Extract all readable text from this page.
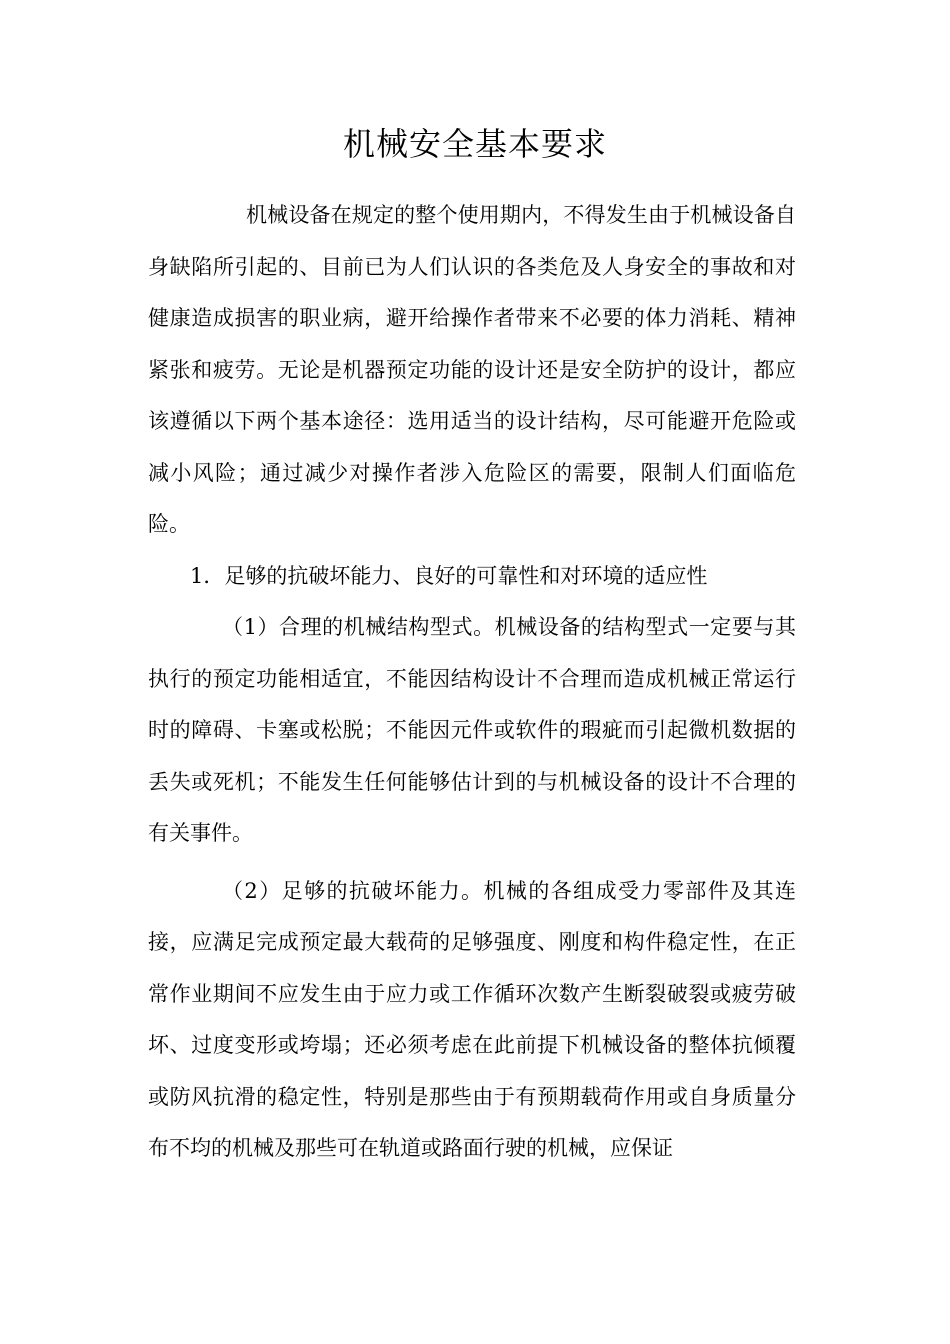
机械安全基本要求

机械设备在规定的整个使用期内，不得发生由于机械设备自身缺陷所引起的、目前已为人们认识的各类危及人身安全的事故和对健康造成损害的职业病，避开给操作者带来不必要的体力消耗、精神紧张和疲劳。无论是机器预定功能的设计还是安全防护的设计，都应该遵循以下两个基本途径：选用适当的设计结构，尽可能避开危险或减小风险；通过减少对操作者涉入危险区的需要，限制人们面临危险。

1．足够的抗破坏能力、良好的可靠性和对环境的适应性

（1）合理的机械结构型式。机械设备的结构型式一定要与其执行的预定功能相适宜，不能因结构设计不合理而造成机械正常运行时的障碍、卡塞或松脱；不能因元件或软件的瑕疵而引起微机数据的丢失或死机；不能发生任何能够估计到的与机械设备的设计不合理的有关事件。

（2）足够的抗破坏能力。机械的各组成受力零部件及其连接，应满足完成预定最大载荷的足够强度、刚度和构件稳定性，在正常作业期间不应发生由于应力或工作循环次数产生断裂破裂或疲劳破坏、过度变形或垮塌；还必须考虑在此前提下机械设备的整体抗倾覆或防风抗滑的稳定性，特别是那些由于有预期载荷作用或自身质量分布不均的机械及那些可在轨道或路面行驶的机械，应保证
